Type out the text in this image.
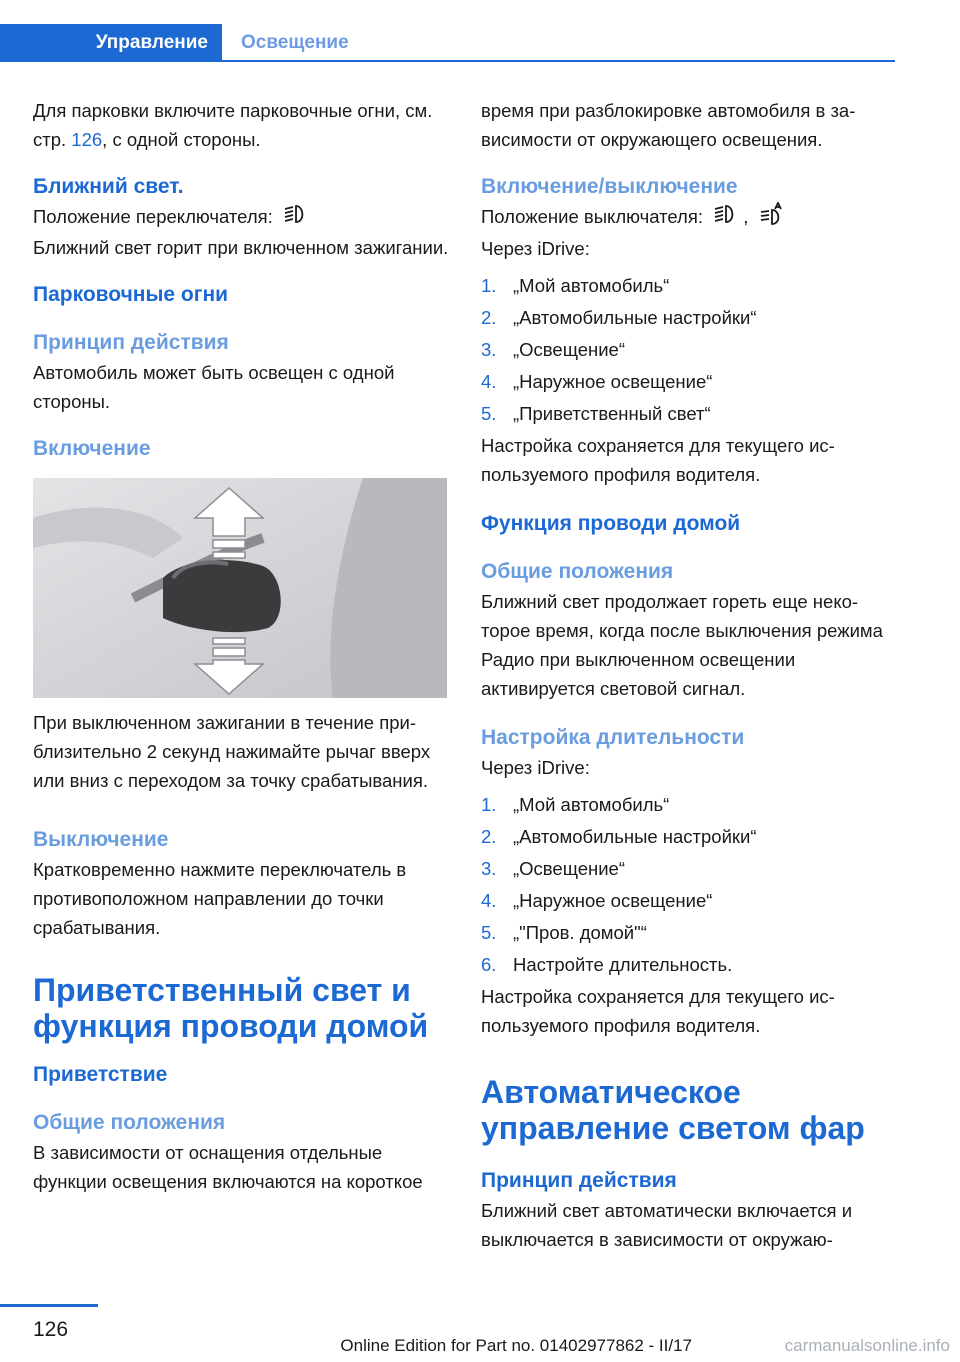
Управление	Освещение

Для парковки включите парковочные огни, см. стр. 126, с одной стороны.

Ближний свет.

Положение переключателя:

Ближний свет горит при включенном зажигании.

Парковочные огни
Принцип действия

Автомобиль может быть освещен с одной стороны.

Включение

При выключенном зажигании в течение приблизительно 2 секунд нажимайте рычаг вверх или вниз с переходом за точку срабатывания.

Выключение

Кратковременно нажмите переключатель в противоположном направлении до точки срабатывания.

Приветственный свет и функция проводи домой
Приветствие
Общие положения

В зависимости от оснащения отдельные функции освещения включаются на короткое

время при разблокировке автомобиля в зависимости от окружающего освещения.

Включение/выключение

Положение выключателя: ,

Через iDrive:

1. „Мой автомобиль“
2. „Автомобильные настройки“
3. „Освещение“
4. „Наружное освещение“
5. „Приветственный свет“

Настройка сохраняется для текущего используемого профиля водителя.

Функция проводи домой
Общие положения

Ближний свет продолжает гореть еще некоторое время, когда после выключения режима Радио при выключенном освещении активируется световой сигнал.

Настройка длительности

Через iDrive:

1. „Мой автомобиль“
2. „Автомобильные настройки“
3. „Освещение“
4. „Наружное освещение“
5. „"Пров. домой"“
6. Настройте длительность.

Настройка сохраняется для текущего используемого профиля водителя.

Автоматическое управление светом фар
Принцип действия

Ближний свет автоматически включается и выключается в зависимости от окружаю-

126
Online Edition for Part no. 01402977862 - II/17	carmanualsonline.info
